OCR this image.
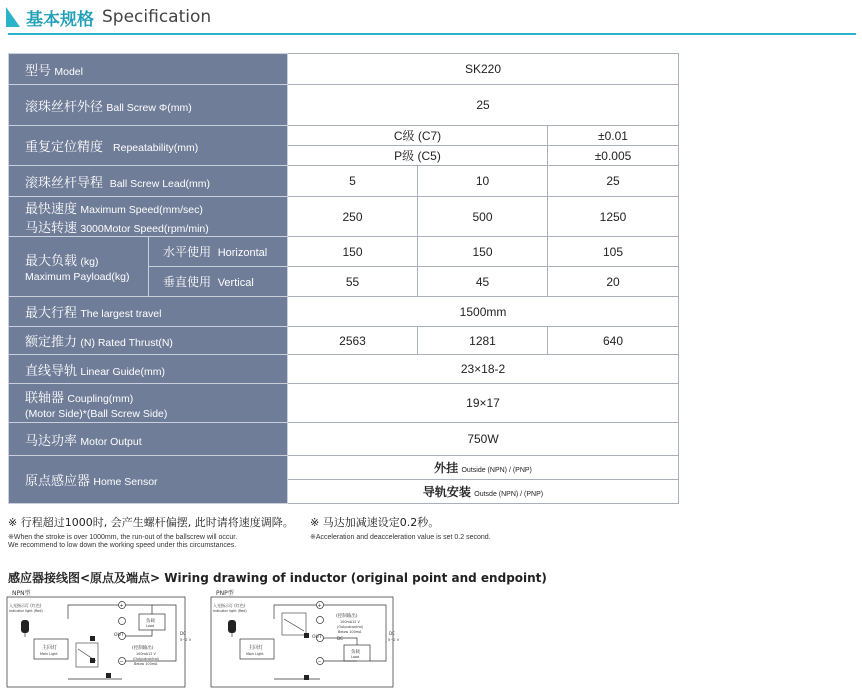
基本规格 Specification
型号 Model		SK220		
滚珠丝杆外径 Ball Screw Φ(mm)		25		
重复定位精度 Repeatability(mm)		C级 (C7)		±0.01
		P级 (C5)		±0.005
滚珠丝杆导程 Ball Screw Lead(mm)		5	10	25

最快速度 Maximum Speed(mm/sec)
马达转速 3000Motor Speed(rpm/min)		250	500	1250

最大负载 (kg)
Maximum Payload(kg)	水平使用 Horizontal	150	150	105
	垂直使用 Vertical	55	45	20
最大行程 The largest travel		1500mm		
额定推力 (N) Rated Thrust(N)		2563	1281	640
直线导轨 Linear Guide(mm)		23×18-2		

联轴器 Coupling(mm)
(Motor Side)*(Ball Screw Side)		19×17		
马达功率 Motor Output		750W		
原点感应器 Home Sensor		外挂 Outside (NPN) / (PNP)		
		导轨安装 Outsde (NPN) / (PNP)		
※ 行程超过1000时, 会产生螺杆偏摆, 此时请将速度调降。
※When the stroke is over 1000mm, the run-out of the ballscrew will occur.
We recommend to low down the working speed under this circumstances.
※ 马达加减速设定0.2秒。
※Acceleration and deacceleration value is set 0.2 second.
感应器接线图<原点及端点> Wiring drawing of inductor (original point and endpoint)
NPN型
入光指示灯 (红色)
Indicator light (Red)
主回灯
Main Light
+
−
负载
Load
OUT	DC
5~2 V
(控制输出)
100mA12 V
(Outputcontrol)
Below 100mA
PNP型
入光指示灯 (红色)
Indicator light (Red)
主回灯
Main Light
+
−
(控制输出)
100mA12 V
(Outputcontrol)
Below 100mA
OUT	DC
负载
Load
DC
5~2 V
